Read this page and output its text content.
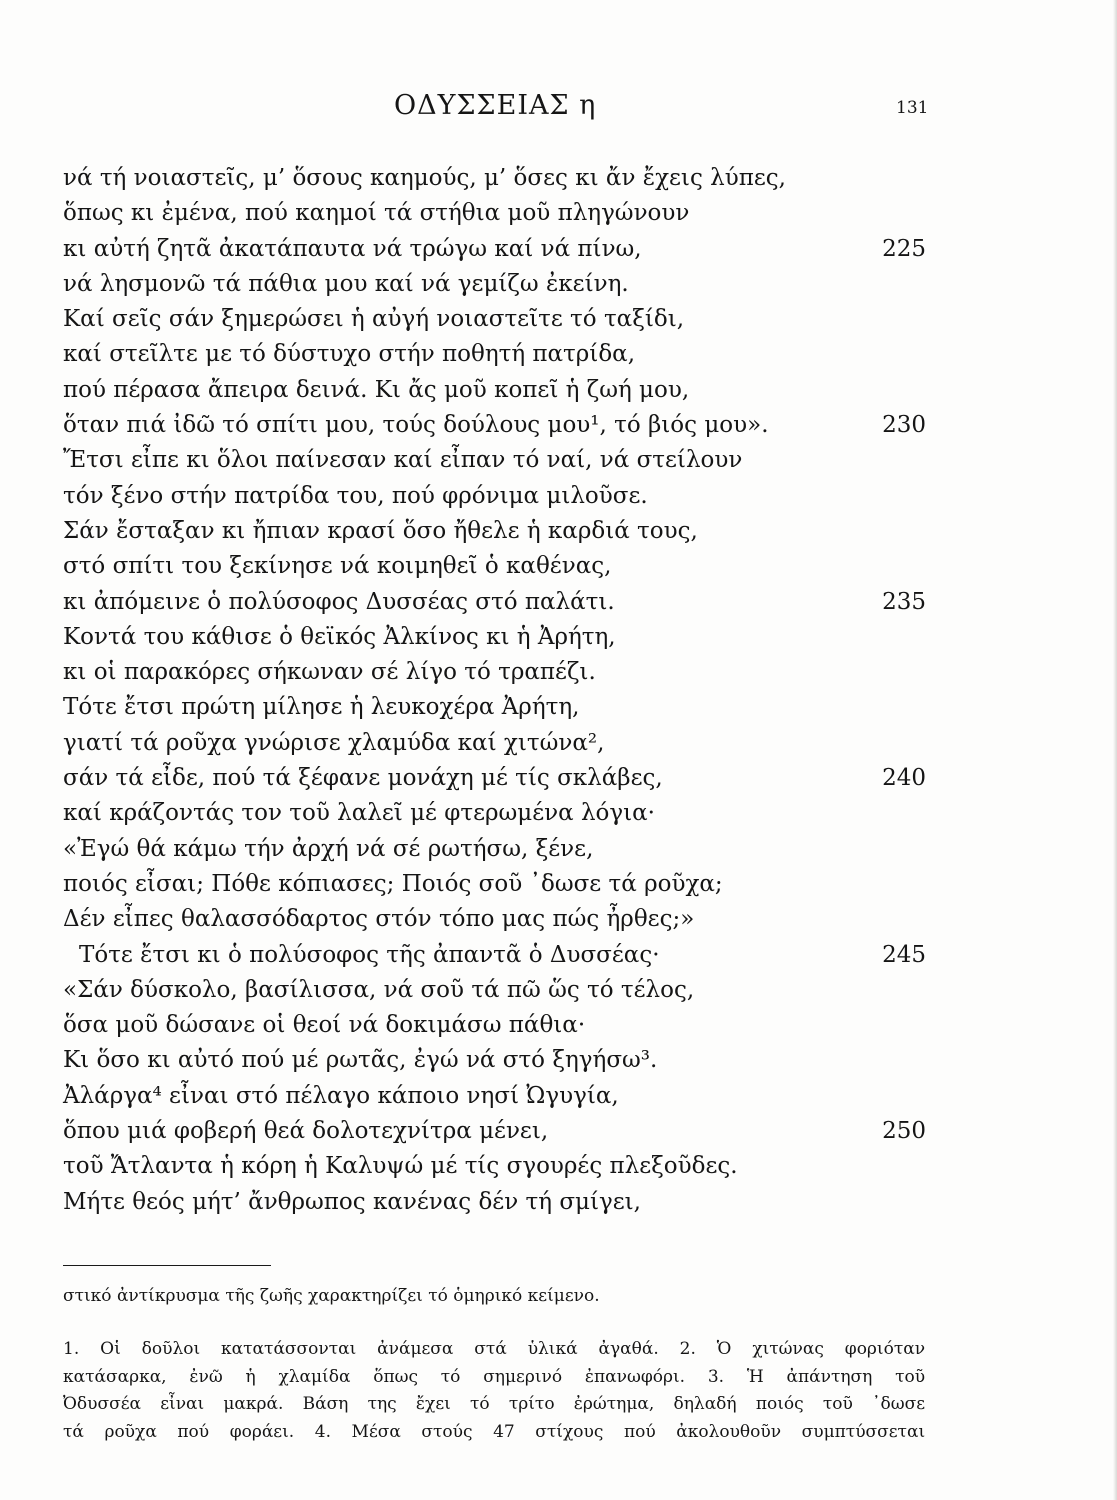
ΟΔΥΣΣΕΙΑΣ η	131
νά τή νοιαστεῖς, μ’ ὅσους καημούς, μ’ ὅσες κι ἄν ἔχεις λύπες,
ὅπως κι ἐμένα, πού καημοί τά στήθια μοῦ πληγώνουν
κι αὐτή ζητᾶ ἀκατάπαυτα νά τρώγω καί νά πίνω,	225
νά λησμονῶ τά πάθια μου καί νά γεμίζω ἐκείνη.
Καί σεῖς σάν ξημερώσει ἡ αὐγή νοιαστεῖτε τό ταξίδι,
καί στεῖλτε με τό δύστυχο στήν ποθητή πατρίδα,
πού πέρασα ἄπειρα δεινά. Κι ἄς μοῦ κοπεῖ ἡ ζωή μου,
ὅταν πιά ἰδῶ τό σπίτι μου, τούς δούλους μου¹, τό βιός μου».	230
Ἔτσι εἶπε κι ὅλοι παίνεσαν καί εἶπαν τό ναί, νά στείλουν
τόν ξένο στήν πατρίδα του, πού φρόνιμα μιλοῦσε.
Σάν ἔσταξαν κι ἤπιαν κρασί ὅσο ἤθελε ἡ καρδιά τους,
στό σπίτι του ξεκίνησε νά κοιμηθεῖ ὁ καθένας,
κι ἀπόμεινε ὁ πολύσοφος Δυσσέας στό παλάτι.	235
Κοντά του κάθισε ὁ θεϊκός Ἀλκίνος κι ἡ Ἀρήτη,
κι οἱ παρακόρες σήκωναν σέ λίγο τό τραπέζι.
Τότε ἔτσι πρώτη μίλησε ἡ λευκοχέρα Ἀρήτη,
γιατί τά ροῦχα γνώρισε χλαμύδα καί χιτώνα²,
σάν τά εἶδε, πού τά ξέφανε μονάχη μέ τίς σκλάβες,	240
καί κράζοντάς τον τοῦ λαλεῖ μέ φτερωμένα λόγια·
«Ἐγώ θά κάμω τήν ἀρχή νά σέ ρωτήσω, ξένε,
ποιός εἶσαι; Πόθε κόπιασες; Ποιός σοῦ ᾿δωσε τά ροῦχα;
Δέν εἶπες θαλασσόδαρτος στόν τόπο μας πώς ἦρθες;»
Τότε ἔτσι κι ὁ πολύσοφος τῆς ἀπαντᾶ ὁ Δυσσέας·	245
«Σάν δύσκολο, βασίλισσα, νά σοῦ τά πῶ ὥς τό τέλος,
ὅσα μοῦ δώσανε οἱ θεοί νά δοκιμάσω πάθια·
Κι ὅσο κι αὐτό πού μέ ρωτᾶς, ἐγώ νά στό ξηγήσω³.
Ἀλάργα⁴ εἶναι στό πέλαγο κάποιο νησί Ὠγυγία,
ὅπου μιά φοβερή θεά δολοτεχνίτρα μένει,	250
τοῦ Ἄτλαντα ἡ κόρη ἡ Καλυψώ μέ τίς σγουρές πλεξοῦδες.
Μήτε θεός μήτ’ ἄνθρωπος κανένας δέν τή σμίγει,
στικό ἀντίκρυσμα τῆς ζωῆς χαρακτηρίζει τό ὁμηρικό κείμενο.
1. Οἱ δοῦλοι κατατάσσονται ἀνάμεσα στά ὑλικά ἀγαθά. 2. Ὁ χιτώνας φοριόταν
κατάσαρκα, ἐνῶ ἡ χλαμίδα ὅπως τό σημερινό ἐπανωφόρι. 3. Ἡ ἀπάντηση τοῦ
Ὀδυσσέα εἶναι μακρά. Βάση της ἔχει τό τρίτο ἐρώτημα, δηλαδή ποιός τοῦ ᾿δωσε
τά ροῦχα πού φοράει. 4. Μέσα στούς 47 στίχους πού ἀκολουθοῦν συμπτύσσεται
